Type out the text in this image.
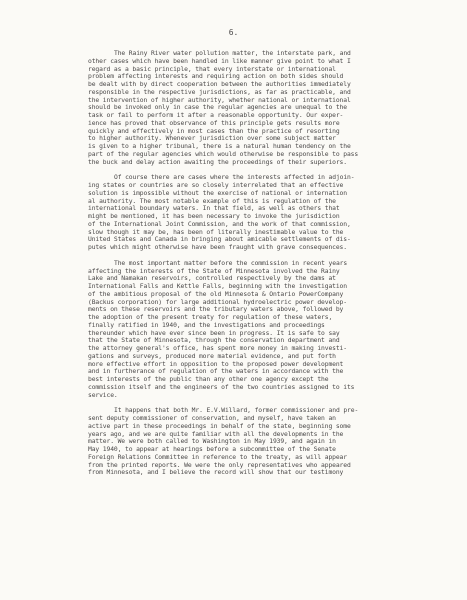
6.
The Rainy River water pollution matter, the interstate park, and
other cases which have been handled in like manner give point to what I
regard as a basic principle, that every interstate or international
problem affecting interests and requiring action on both sides should
be dealt with by direct cooperation between the authorities immediately
responsible in the respective jurisdictions, as far as practicable, and
the intervention of higher authority, whether national or international
should be invoked only in case the regular agencies are unequal to the
task or fail to perform it after a reasonable opportunity. Our exper-
ience has proved that observance of this principle gets results more
quickly and effectively in most cases than the practice of resorting
to higher authority. Whenever jurisdiction over some subject matter
is given to a higher tribunal, there is a natural human tendency on the
part of the regular agencies which would otherwise be responsible to pass
the buck and delay action awaiting the proceedings of their superiors.
Of course there are cases where the interests affected in adjoin-
ing states or countries are so closely interrelated that an effective
solution is impossible without the exercise of national or internation
al authority. The most notable example of this is regulation of the
international boundary waters. In that field, as well as others that
might be mentioned, it has been necessary to invoke the jurisdiction
of the International Joint Commission, and the work of that commission,
slow though it may be, has been of literally inestimable value to the
United States and Canada in bringing about amicable settlements of dis-
putes which might otherwise have been fraught with grave consequences.
The most important matter before the commission in recent years
affecting the interests of the State of Minnesota involved the Rainy
Lake and Namakan reservoirs, controlled respectively by the dams at
International Falls and Kettle Falls, beginning with the investigation
of the ambitious proposal of the old Minnesota & Ontario PowerCompany
(Backus corporation) for large additional hydroelectric power develop-
ments on these reservoirs and the tributary waters above, followed by
the adoption of the present treaty for regulation of these waters,
finally ratified in 1940, and the investigations and proceedings
thereunder which have ever since been in progress. It is safe to say
that the State of Minnesota, through the conservation department and
the attorney general's office, has spent more money in making investi-
gations and surveys, produced more material evidence, and put forth
more effective effort in opposition to the proposed power development
and in furtherance of regulation of the waters in accordance with the
best interests of the public than any other one agency except the
commission itself and the engineers of the two countries assigned to its
service.
It happens that both Mr. E.V.Willard, former commissioner and pre-
sent deputy commissioner of conservation, and myself, have taken an
active part in these proceedings in behalf of the state, beginning some
years ago, and we are quite familiar with all the developments in the
matter. We were both called to Washington in May 1939, and again in
May 1940, to appear at hearings before a subcommittee of the Senate
Foreign Relations Committee in reference to the treaty, as will appear
from the printed reports. We were the only representatives who appeared
from Minnesota, and I believe the record will show that our testimony
